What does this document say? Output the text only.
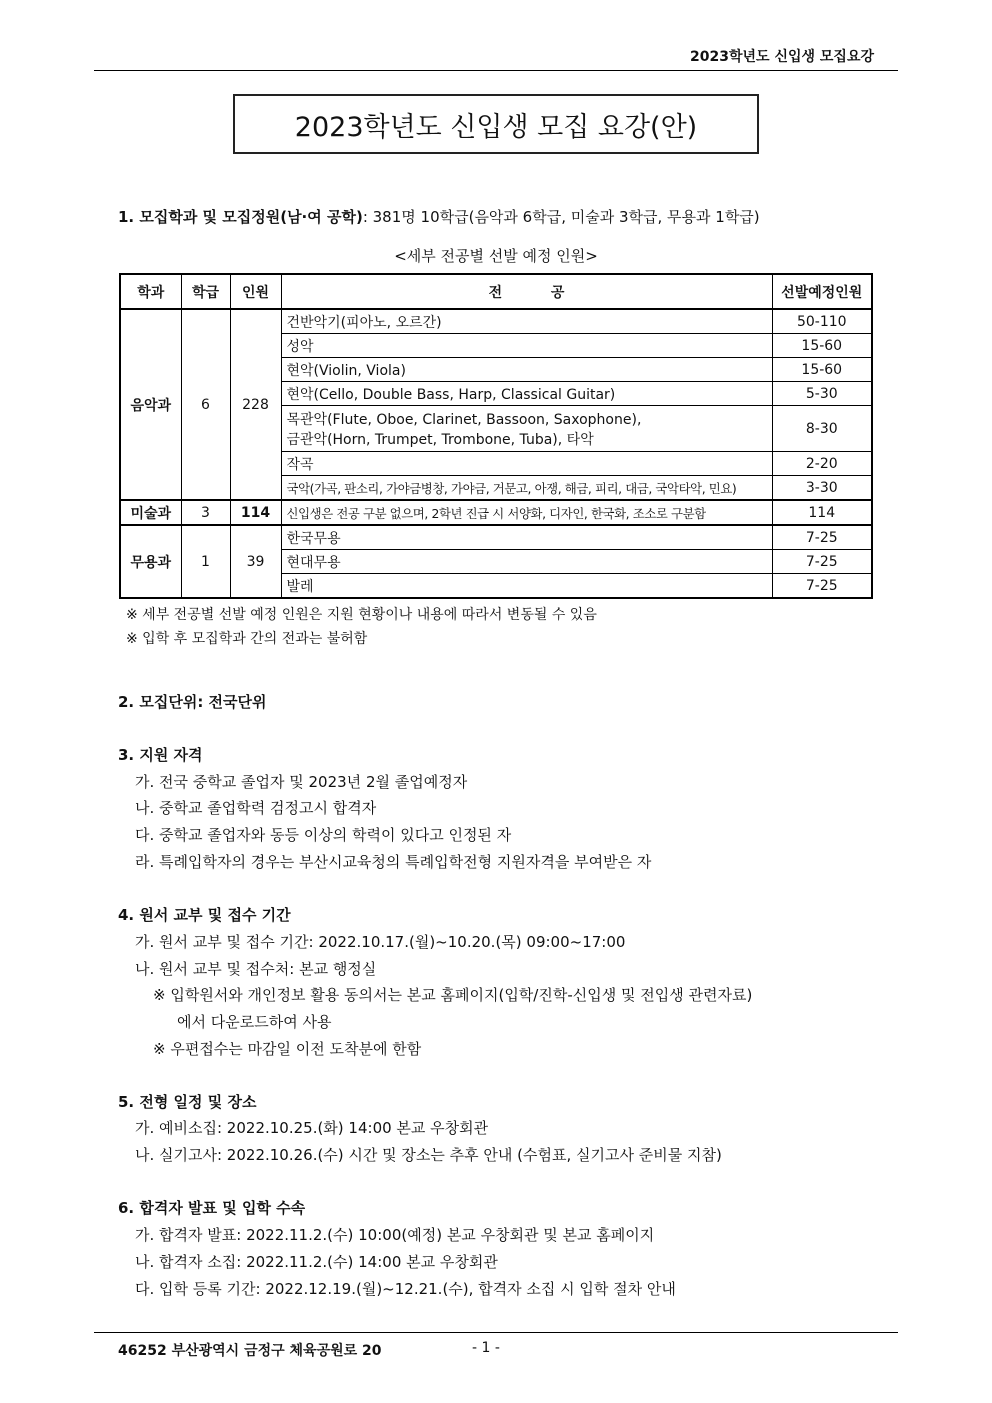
2023학년도 신입생 모집요강
2023학년도 신입생 모집 요강(안)
1. 모집학과 및 모집정원(남·여 공학): 381명 10학급(음악과 6학급, 미술과 3학급, 무용과 1학급)
<세부 전공별 선발 예정 인원>
학과	학급	인원	전          공	선발예정인원
음악과	6	228	건반악기(피아노, 오르간)	50-110
			성악	15-60
			현악(Violin, Viola)	15-60
			현악(Cello, Double Bass, Harp, Classical Guitar)	5-30

			목관악(Flute, Oboe, Clarinet, Bassoon, Saxophone),
금관악(Horn, Trumpet, Trombone, Tuba), 타악	8-30
			작곡	2-20
			국악(가곡, 판소리, 가야금병창, 가야금, 거문고, 아쟁, 해금, 피리, 대금, 국악타악, 민요)	3-30
미술과	3	114	신입생은 전공 구분 없으며, 2학년 진급 시 서양화, 디자인, 한국화, 조소로 구분함	114
무용과	1	39	한국무용	7-25
			현대무용	7-25
			발레	7-25
※ 세부 전공별 선발 예정 인원은 지원 현황이나 내용에 따라서 변동될 수 있음
※ 입학 후 모집학과 간의 전과는 불허함
2. 모집단위: 전국단위
3. 지원 자격
가. 전국 중학교 졸업자 및 2023년 2월 졸업예정자
나. 중학교 졸업학력 검정고시 합격자
다. 중학교 졸업자와 동등 이상의 학력이 있다고 인정된 자
라. 특례입학자의 경우는 부산시교육청의 특례입학전형 지원자격을 부여받은 자
4. 원서 교부 및 접수 기간
가. 원서 교부 및 접수 기간: 2022.10.17.(월)~10.20.(목) 09:00~17:00
나. 원서 교부 및 접수처: 본교 행정실
※ 입학원서와 개인정보 활용 동의서는 본교 홈페이지(입학/진학-신입생 및 전입생 관련자료)
에서 다운로드하여 사용
※ 우편접수는 마감일 이전 도착분에 한함
5. 전형 일정 및 장소
가. 예비소집: 2022.10.25.(화) 14:00 본교 우창회관
나. 실기고사: 2022.10.26.(수) 시간 및 장소는 추후 안내 (수험표, 실기고사 준비물 지참)
6. 합격자 발표 및 입학 수속
가. 합격자 발표: 2022.11.2.(수) 10:00(예정) 본교 우창회관 및 본교 홈페이지
나. 합격자 소집: 2022.11.2.(수) 14:00 본교 우창회관
다. 입학 등록 기간: 2022.12.19.(월)~12.21.(수), 합격자 소집 시 입학 절차 안내
46252 부산광역시 금정구 체육공원로 20	- 1 -
